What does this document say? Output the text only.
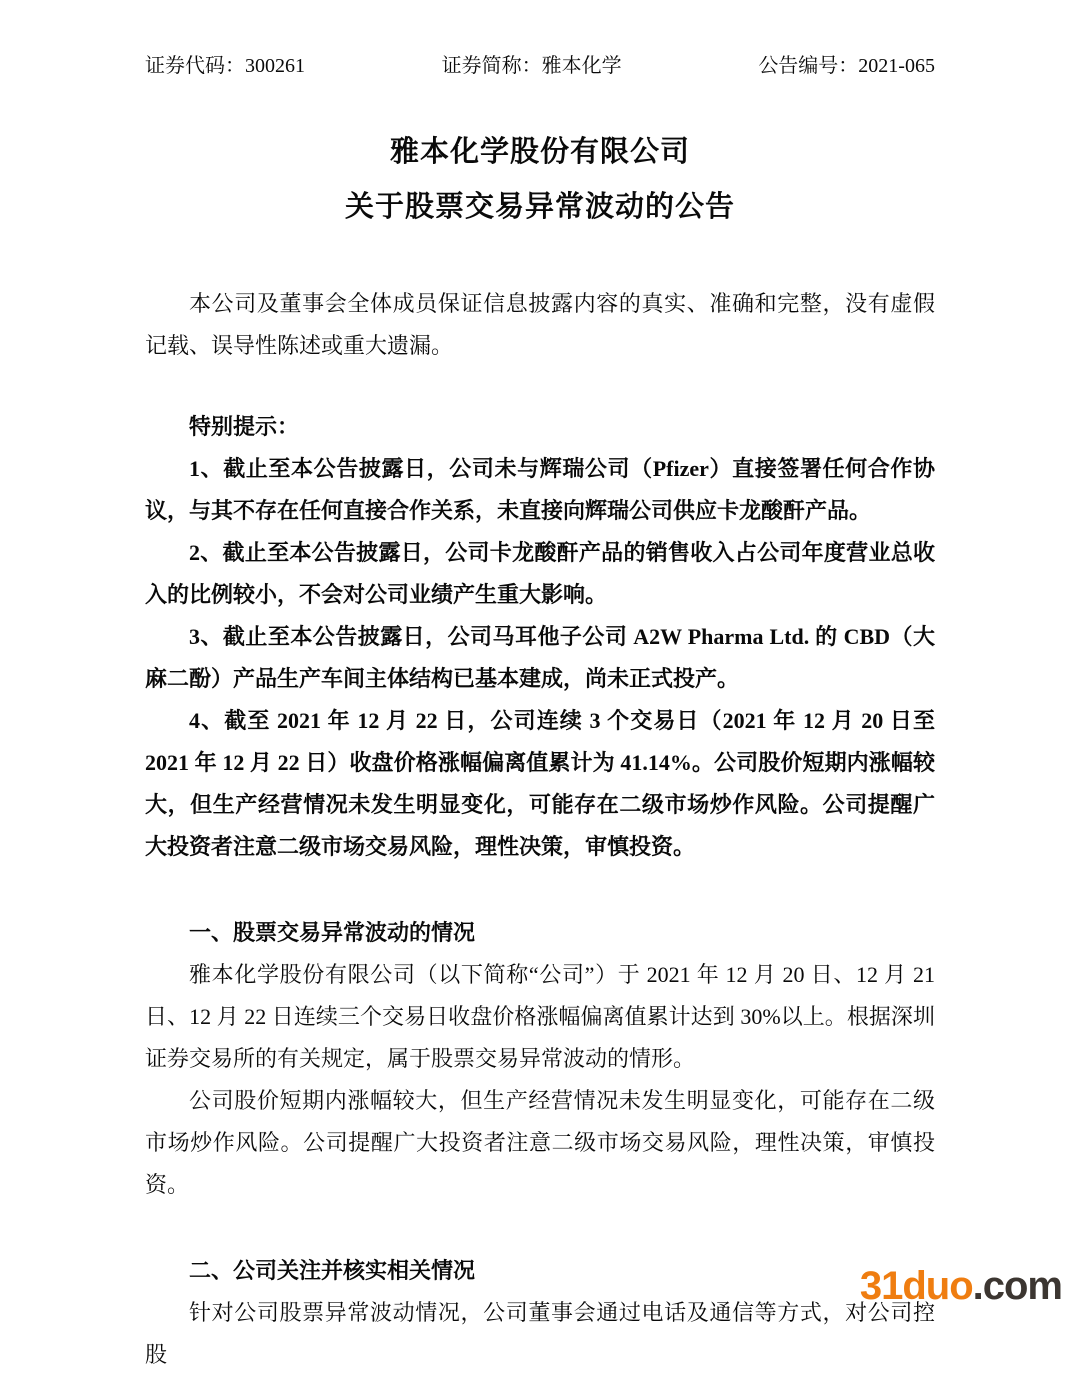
证券代码：300261	证券简称：雅本化学	公告编号：2021-065
雅本化学股份有限公司
关于股票交易异常波动的公告

本公司及董事会全体成员保证信息披露内容的真实、准确和完整，没有虚假记载、误导性陈述或重大遗漏。

特别提示：

1、截止至本公告披露日，公司未与辉瑞公司（Pfizer）直接签署任何合作协议，与其不存在任何直接合作关系，未直接向辉瑞公司供应卡龙酸酐产品。

2、截止至本公告披露日，公司卡龙酸酐产品的销售收入占公司年度营业总收入的比例较小，不会对公司业绩产生重大影响。

3、截止至本公告披露日，公司马耳他子公司 A2W Pharma Ltd. 的 CBD（大麻二酚）产品生产车间主体结构已基本建成，尚未正式投产。

4、截至 2021 年 12 月 22 日，公司连续 3 个交易日（2021 年 12 月 20 日至 2021 年 12 月 22 日）收盘价格涨幅偏离值累计为 41.14%。公司股价短期内涨幅较大，但生产经营情况未发生明显变化，可能存在二级市场炒作风险。公司提醒广大投资者注意二级市场交易风险，理性决策，审慎投资。

一、股票交易异常波动的情况

雅本化学股份有限公司（以下简称“公司”）于 2021 年 12 月 20 日、12 月 21 日、12 月 22 日连续三个交易日收盘价格涨幅偏离值累计达到 30%以上。根据深圳证券交易所的有关规定，属于股票交易异常波动的情形。

公司股价短期内涨幅较大，但生产经营情况未发生明显变化，可能存在二级市场炒作风险。公司提醒广大投资者注意二级市场交易风险，理性决策，审慎投资。

二、公司关注并核实相关情况

针对公司股票异常波动情况，公司董事会通过电话及通信等方式，对公司控股

31duo.com
